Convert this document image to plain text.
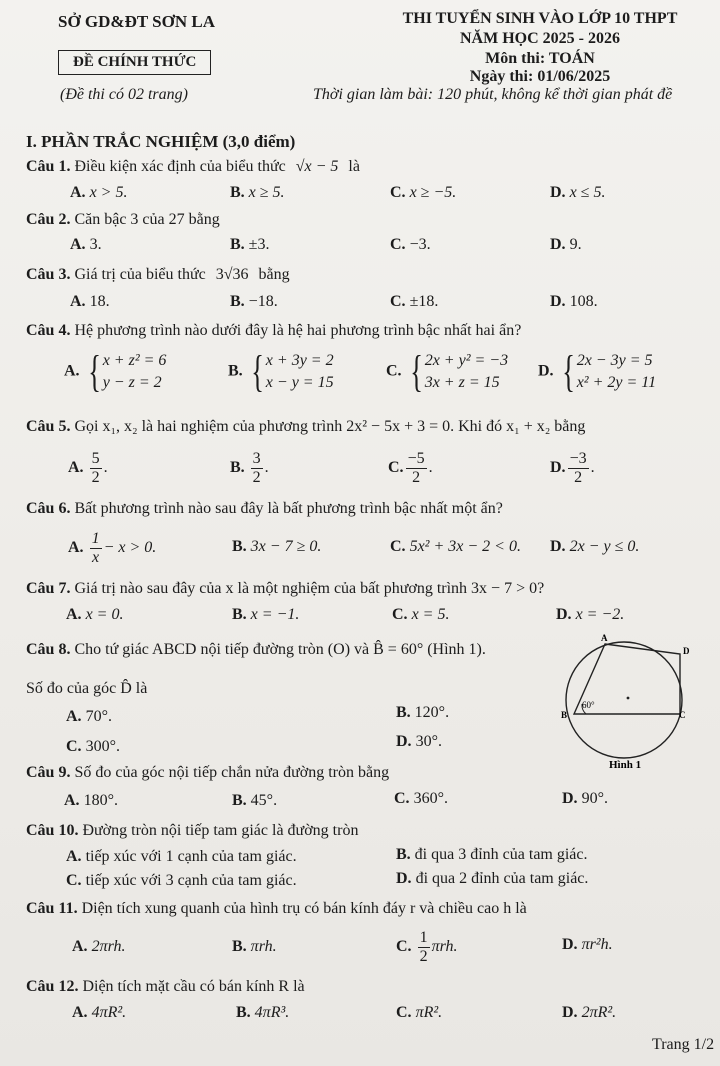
SỞ GD&ĐT SƠN LA
ĐỀ CHÍNH THỨC
(Đề thi có 02 trang)
THI TUYỂN SINH VÀO LỚP 10 THPT
NĂM HỌC 2025 - 2026
Môn thi: TOÁN
Ngày thi: 01/06/2025
Thời gian làm bài: 120 phút, không kể thời gian phát đề
I. PHẦN TRẮC NGHIỆM (3,0 điểm)
Câu 1. Điều kiện xác định của biểu thức √x − 5 là
A. x > 5.	B. x ≥ 5.	C. x ≥ −5.	D. x ≤ 5.
Câu 2. Căn bậc 3 của 27 bằng
A. 3.	B. ±3.	C. −3.	D. 9.
Câu 3. Giá trị của biểu thức 3√36 bằng
A. 18.	B. −18.	C. ±18.	D. 108.
Câu 4. Hệ phương trình nào dưới đây là hệ hai phương trình bậc nhất hai ẩn?
A. { x + z² = 6
y − z = 2
B. { x + 3y = 2
x − y = 15
C. { 2x + y² = −3
3x + z = 15
D. { 2x − 3y = 5
x² + 2y = 11
Câu 5. Gọi x₁, x₂ là hai nghiệm của phương trình 2x² − 5x + 3 = 0. Khi đó x₁ + x₂ bằng
A. $\frac{5}{2}$ .	B. $\frac{3}{2}$ .	C. $\frac{-5}{2}$ .	D. $\frac{-3}{2}$ .
Câu 6. Bất phương trình nào sau đây là bất phương trình bậc nhất một ẩn?
A. $\frac{1}{x} - x > 0$.	B. 3x − 7 ≥ 0.	C. 5x² + 3x − 2 < 0. D. 2x − y ≤ 0.
Câu 7. Giá trị nào sau đây của x là một nghiệm của bất phương trình 3x − 7 > 0?
A. x = 0.	B. x = −1.	C. x = 5.	D. x = −2.
Câu 8. Cho tứ giác ABCD nội tiếp đường tròn (O) và B̂ = 60° (Hình 1).
Số đo của góc D̂ là
A. 70°.	B. 120°.
C. 300°.	D. 30°.
A
D
B	C
60°
Hình 1
Câu 9. Số đo của góc nội tiếp chắn nửa đường tròn bằng
A. 180°.	B. 45°.	C. 360°.	D. 90°.
Câu 10. Đường tròn nội tiếp tam giác là đường tròn
A. tiếp xúc với 1 cạnh của tam giác.	B. đi qua 3 đỉnh của tam giác.
C. tiếp xúc với 3 cạnh của tam giác.	D. đi qua 2 đỉnh của tam giác.
Câu 11. Diện tích xung quanh của hình trụ có bán kính đáy r và chiều cao h là
A. 2πrh.	B. πrh.	C. $\frac{1}{2} \pi rh$.	D. πr²h.
Câu 12. Diện tích mặt cầu có bán kính R là
A. 4πR².	B. 4πR³.	C. πR².	D. 2πR².
Trang 1/2
